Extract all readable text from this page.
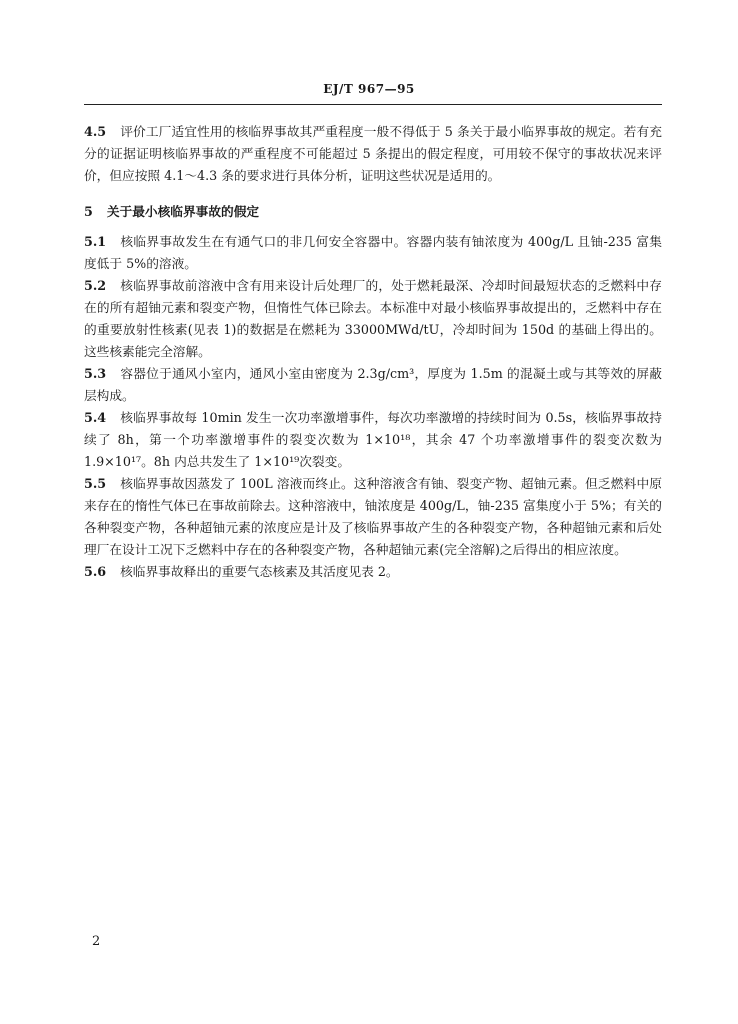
EJ/T 967—95

4.5 评价工厂适宜性用的核临界事故其严重程度一般不得低于 5 条关于最小临界事故的规定。若有充分的证据证明核临界事故的严重程度不可能超过 5 条提出的假定程度，可用较不保守的事故状况来评价，但应按照 4.1～4.3 条的要求进行具体分析，证明这些状况是适用的。

5 关于最小核临界事故的假定

5.1 核临界事故发生在有通气口的非几何安全容器中。容器内装有铀浓度为 400g/L 且铀-235 富集度低于 5%的溶液。

5.2 核临界事故前溶液中含有用来设计后处理厂的，处于燃耗最深、冷却时间最短状态的乏燃料中存在的所有超铀元素和裂变产物，但惰性气体已除去。本标准中对最小核临界事故提出的，乏燃料中存在的重要放射性核素(见表 1)的数据是在燃耗为 33000MWd/tU，冷却时间为 150d 的基础上得出的。这些核素能完全溶解。

5.3 容器位于通风小室内，通风小室由密度为 2.3g/cm³，厚度为 1.5m 的混凝土或与其等效的屏蔽层构成。

5.4 核临界事故每 10min 发生一次功率激增事件，每次功率激增的持续时间为 0.5s，核临界事故持续了 8h，第一个功率激增事件的裂变次数为 1×10¹⁸，其余 47 个功率激增事件的裂变次数为 1.9×10¹⁷。8h 内总共发生了 1×10¹⁹次裂变。

5.5 核临界事故因蒸发了 100L 溶液而终止。这种溶液含有铀、裂变产物、超铀元素。但乏燃料中原来存在的惰性气体已在事故前除去。这种溶液中，铀浓度是 400g/L，铀-235 富集度小于 5%；有关的各种裂变产物，各种超铀元素的浓度应是计及了核临界事故产生的各种裂变产物，各种超铀元素和后处理厂在设计工况下乏燃料中存在的各种裂变产物，各种超铀元素(完全溶解)之后得出的相应浓度。

5.6 核临界事故释出的重要气态核素及其活度见表 2。

2
